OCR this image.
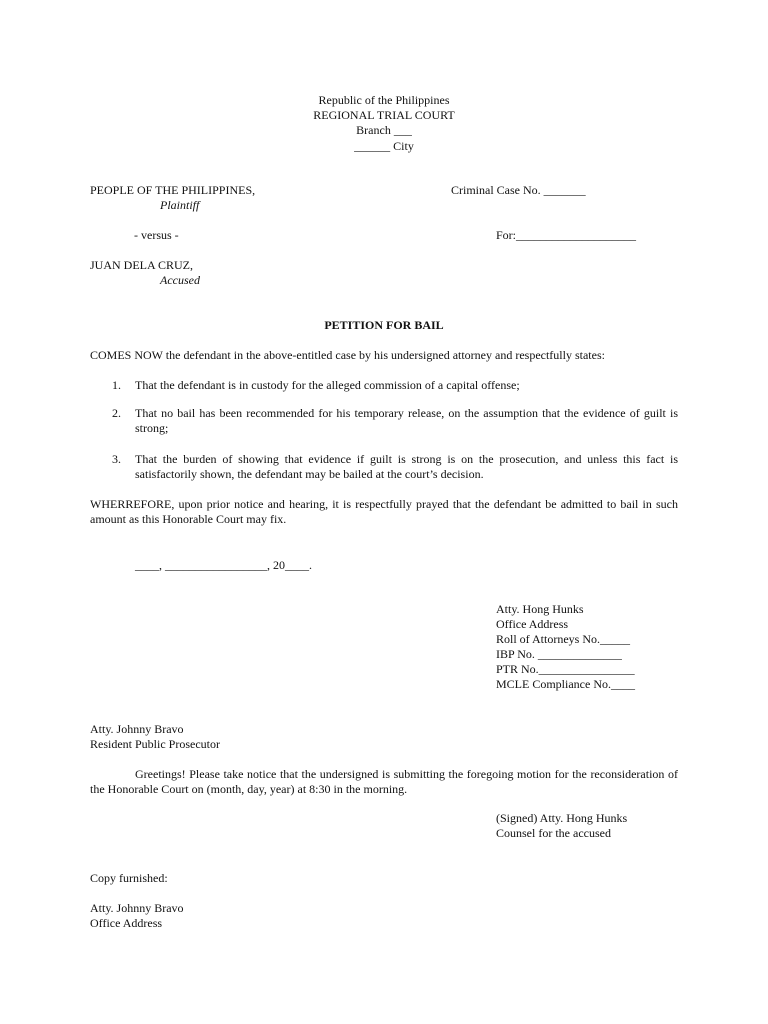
Republic of the Philippines
REGIONAL TRIAL COURT
Branch ___
______ City
PEOPLE OF THE PHILIPPINES,
Plaintiff
Criminal Case No. _______
- versus -	For:____________________
JUAN DELA CRUZ,
Accused
PETITION FOR BAIL
COMES NOW the defendant in the above-entitled case by his undersigned attorney and respectfully states:
1. That the defendant is in custody for the alleged commission of a capital offense;
2. That no bail has been recommended for his temporary release, on the assumption that the evidence of guilt is strong;
3. That the burden of showing that evidence if guilt is strong is on the prosecution, and unless this fact is satisfactorily shown, the defendant may be bailed at the court’s decision.
WHERREFORE, upon prior notice and hearing, it is respectfully prayed that the defendant be admitted to bail in such amount as this Honorable Court may fix.
____, _________________, 20____.
Atty. Hong Hunks
Office Address
Roll of Attorneys No._____
IBP No. ______________
PTR No.________________
MCLE Compliance No.____
Atty. Johnny Bravo
Resident Public Prosecutor
Greetings! Please take notice that the undersigned is submitting the foregoing motion for the reconsideration of the Honorable Court on (month, day, year) at 8:30 in the morning.
(Signed) Atty. Hong Hunks
Counsel for the accused
Copy furnished:
Atty. Johnny Bravo
Office Address
